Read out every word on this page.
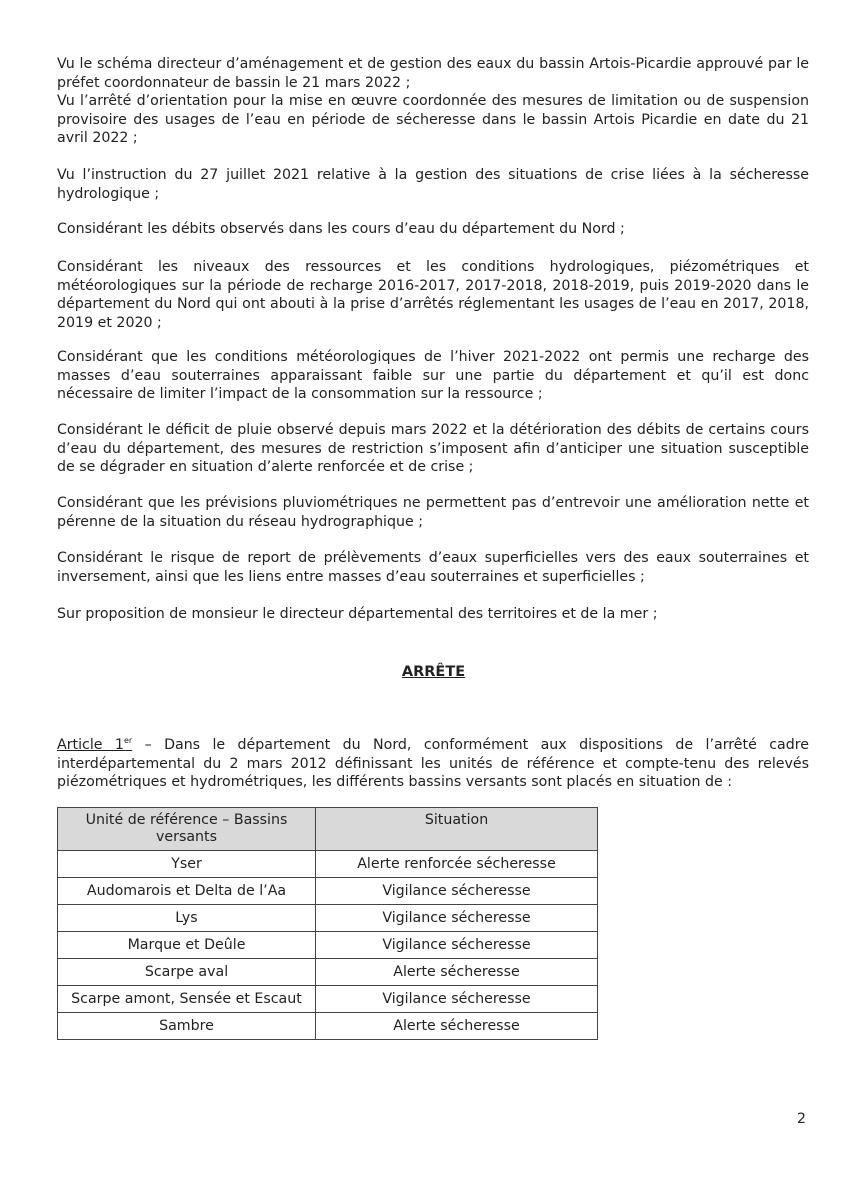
Vu le schéma directeur d’aménagement et de gestion des eaux du bassin Artois-Picardie approuvé par le préfet coordonnateur de bassin le 21 mars 2022 ;
Vu l’arrêté d’orientation pour la mise en œuvre coordonnée des mesures de limitation ou de suspension provisoire des usages de l’eau en période de sécheresse dans le bassin Artois Picardie en date du 21 avril 2022 ;

Vu l’instruction du 27 juillet 2021 relative à la gestion des situations de crise liées à la sécheresse hydrologique ;

Considérant les débits observés dans les cours d’eau du département du Nord ;

Considérant les niveaux des ressources et les conditions hydrologiques, piézométriques et météorologiques sur la période de recharge 2016-2017, 2017-2018, 2018-2019, puis 2019-2020 dans le département du Nord qui ont abouti à la prise d’arrêtés réglementant les usages de l’eau en 2017, 2018, 2019 et 2020 ;

Considérant que les conditions météorologiques de l’hiver 2021-2022 ont permis une recharge des masses d’eau souterraines apparaissant faible sur une partie du département et qu’il est donc nécessaire de limiter l’impact de la consommation sur la ressource ;

Considérant le déficit de pluie observé depuis mars 2022 et la détérioration des débits de certains cours d’eau du département, des mesures de restriction s’imposent afin d’anticiper une situation susceptible de se dégrader en situation d’alerte renforcée et de crise ;

Considérant que les prévisions pluviométriques ne permettent pas d’entrevoir une amélioration nette et pérenne de la situation du réseau hydrographique ;

Considérant le risque de report de prélèvements d’eaux superficielles vers des eaux souterraines et inversement, ainsi que les liens entre masses d’eau souterraines et superficielles ;

Sur proposition de monsieur le directeur départemental des territoires et de la mer ;

ARRÊTE

Article 1er – Dans le département du Nord, conformément aux dispositions de l’arrêté cadre interdépartemental du 2 mars 2012 définissant les unités de référence et compte-tenu des relevés piézométriques et hydrométriques, les différents bassins versants sont placés en situation de :

Unité de référence – Bassins versants	Situation
Yser	Alerte renforcée sécheresse
Audomarois et Delta de l’Aa	Vigilance sécheresse
Lys	Vigilance sécheresse
Marque et Deûle	Vigilance sécheresse
Scarpe aval	Alerte sécheresse
Scarpe amont, Sensée et Escaut	Vigilance sécheresse
Sambre	Alerte sécheresse
2
